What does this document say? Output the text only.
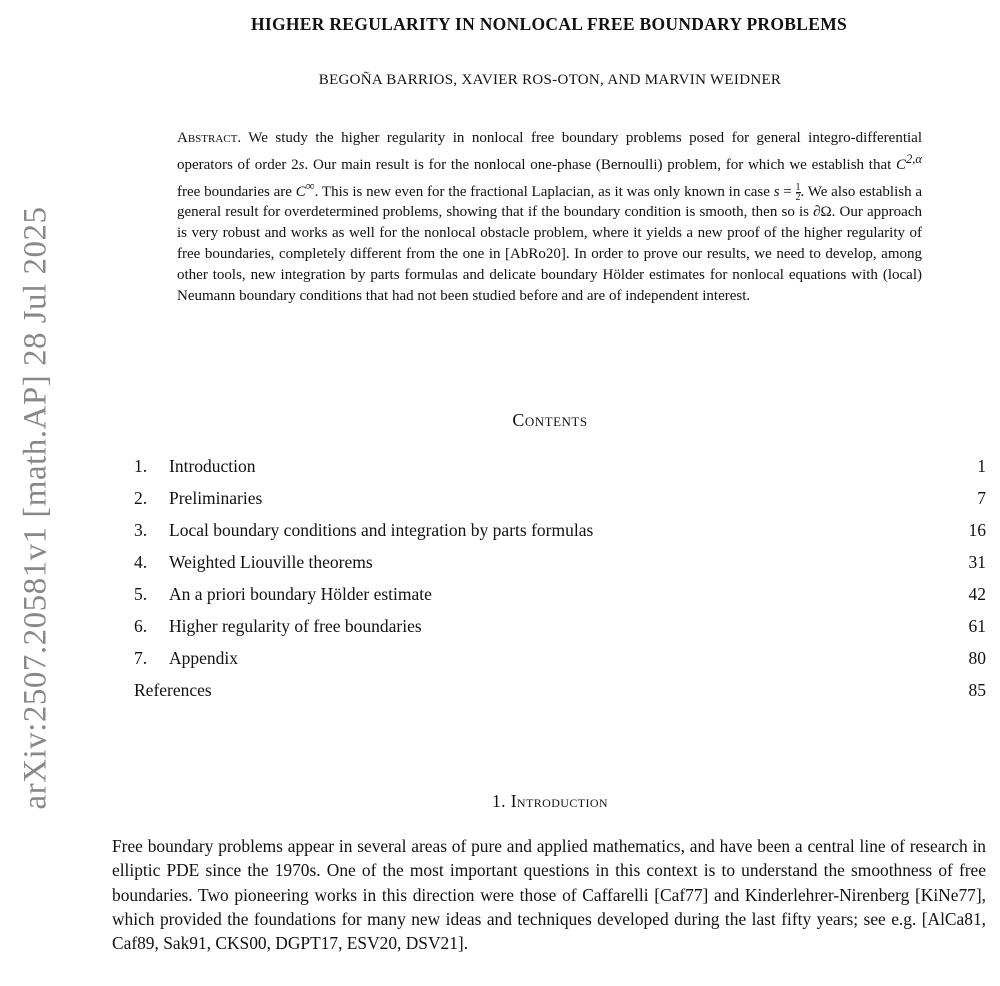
arXiv:2507.20581v1 [math.AP] 28 Jul 2025
HIGHER REGULARITY IN NONLOCAL FREE BOUNDARY PROBLEMS
BEGOÑA BARRIOS, XAVIER ROS-OTON, AND MARVIN WEIDNER
Abstract. We study the higher regularity in nonlocal free boundary problems posed for general integro-differential operators of order 2s. Our main result is for the nonlocal one-phase (Bernoulli) problem, for which we establish that $C^{2,\alpha}$ free boundaries are C∞. This is new even for the fractional Laplacian, as it was only known in case $s = \frac{1}{2}$ . We also establish a general result for overdetermined problems, showing that if the boundary condition is smooth, then so is ∂Ω. Our approach is very robust and works as well for the nonlocal obstacle problem, where it yields a new proof of the higher regularity of free boundaries, completely different from the one in [AbRo20]. In order to prove our results, we need to develop, among other tools, new integration by parts formulas and delicate boundary Hölder estimates for nonlocal equations with (local) Neumann boundary conditions that had not been studied before and are of independent interest.
Contents
1. Introduction	1
2. Preliminaries	7
3. Local boundary conditions and integration by parts formulas	16
4. Weighted Liouville theorems	31
5. An a priori boundary Hölder estimate	42
6. Higher regularity of free boundaries	61
7. Appendix	80
References	85
1. Introduction
Free boundary problems appear in several areas of pure and applied mathematics, and have been a central line of research in elliptic PDE since the 1970s. One of the most important questions in this context is to understand the smoothness of free boundaries. Two pioneering works in this direction were those of Caffarelli [Caf77] and Kinderlehrer-Nirenberg [KiNe77], which provided the foundations for many new ideas and techniques developed during the last fifty years; see e.g. [AlCa81, Caf89, Sak91, CKS00, DGPT17, ESV20, DSV21].
